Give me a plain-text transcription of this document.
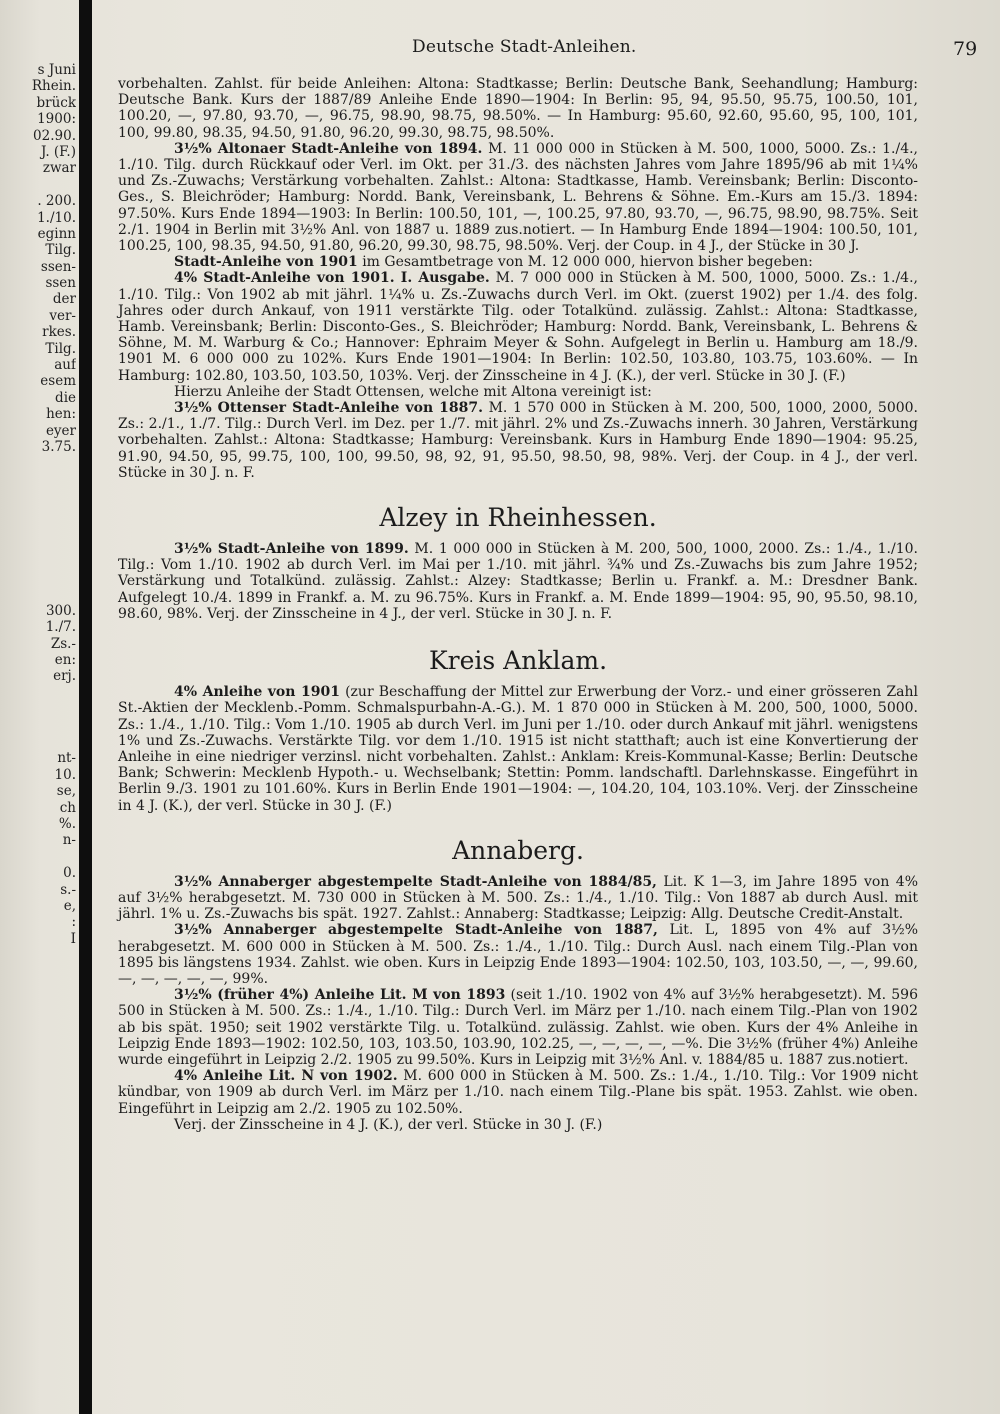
s Juni
Rhein.
brück
1900:
02.90.
J. (F.)
zwar
. 200.
1./10.
eginn
Tilg.
ssen-
ssen
der
ver-
rkes.
Tilg.
auf
esem
die
hen:
eyer
3.75.
300.
1./7.
Zs.-
en:
erj.
nt-
10.
se,
ch
%.
n-
0.
s.-
e,
:
I
Deutsche Stadt-Anleihen.	79

vorbehalten. Zahlst. für beide Anleihen: Altona: Stadtkasse; Berlin: Deutsche Bank, Seehandlung; Hamburg: Deutsche Bank. Kurs der 1887/89 Anleihe Ende 1890—1904: In Berlin: 95, 94, 95.50, 95.75, 100.50, 101, 100.20, —, 97.80, 93.70, —, 96.75, 98.90, 98.75, 98.50%. — In Hamburg: 95.60, 92.60, 95.60, 95, 100, 101, 100, 99.80, 98.35, 94.50, 91.80, 96.20, 99.30, 98.75, 98.50%.

3½% Altonaer Stadt-Anleihe von 1894. M. 11 000 000 in Stücken à M. 500, 1000, 5000. Zs.: 1./4., 1./10. Tilg. durch Rückkauf oder Verl. im Okt. per 31./3. des nächsten Jahres vom Jahre 1895/96 ab mit 1¼% und Zs.-Zuwachs; Verstärkung vorbehalten. Zahlst.: Altona: Stadtkasse, Hamb. Vereinsbank; Berlin: Disconto-Ges., S. Bleichröder; Hamburg: Nordd. Bank, Vereinsbank, L. Behrens & Söhne. Em.-Kurs am 15./3. 1894: 97.50%. Kurs Ende 1894—1903: In Berlin: 100.50, 101, —, 100.25, 97.80, 93.70, —, 96.75, 98.90, 98.75%. Seit 2./1. 1904 in Berlin mit 3½% Anl. von 1887 u. 1889 zus.notiert. — In Hamburg Ende 1894—1904: 100.50, 101, 100.25, 100, 98.35, 94.50, 91.80, 96.20, 99.30, 98.75, 98.50%. Verj. der Coup. in 4 J., der Stücke in 30 J.

Stadt-Anleihe von 1901 im Gesamtbetrage von M. 12 000 000, hiervon bisher begeben:

4% Stadt-Anleihe von 1901. I. Ausgabe. M. 7 000 000 in Stücken à M. 500, 1000, 5000. Zs.: 1./4., 1./10. Tilg.: Von 1902 ab mit jährl. 1¼% u. Zs.-Zuwachs durch Verl. im Okt. (zuerst 1902) per 1./4. des folg. Jahres oder durch Ankauf, von 1911 verstärkte Tilg. oder Totalkünd. zulässig. Zahlst.: Altona: Stadtkasse, Hamb. Vereinsbank; Berlin: Disconto-Ges., S. Bleichröder; Hamburg: Nordd. Bank, Vereinsbank, L. Behrens & Söhne, M. M. Warburg & Co.; Hannover: Ephraim Meyer & Sohn. Aufgelegt in Berlin u. Hamburg am 18./9. 1901 M. 6 000 000 zu 102%. Kurs Ende 1901—1904: In Berlin: 102.50, 103.80, 103.75, 103.60%. — In Hamburg: 102.80, 103.50, 103.50, 103%. Verj. der Zinsscheine in 4 J. (K.), der verl. Stücke in 30 J. (F.)

Hierzu Anleihe der Stadt Ottensen, welche mit Altona vereinigt ist:

3½% Ottenser Stadt-Anleihe von 1887. M. 1 570 000 in Stücken à M. 200, 500, 1000, 2000, 5000. Zs.: 2./1., 1./7. Tilg.: Durch Verl. im Dez. per 1./7. mit jährl. 2% und Zs.-Zuwachs innerh. 30 Jahren, Verstärkung vorbehalten. Zahlst.: Altona: Stadtkasse; Hamburg: Vereinsbank. Kurs in Hamburg Ende 1890—1904: 95.25, 91.90, 94.50, 95, 99.75, 100, 100, 99.50, 98, 92, 91, 95.50, 98.50, 98, 98%. Verj. der Coup. in 4 J., der verl. Stücke in 30 J. n. F.

Alzey in Rheinhessen.

3½% Stadt-Anleihe von 1899. M. 1 000 000 in Stücken à M. 200, 500, 1000, 2000. Zs.: 1./4., 1./10. Tilg.: Vom 1./10. 1902 ab durch Verl. im Mai per 1./10. mit jährl. ¾% und Zs.-Zuwachs bis zum Jahre 1952; Verstärkung und Totalkünd. zulässig. Zahlst.: Alzey: Stadtkasse; Berlin u. Frankf. a. M.: Dresdner Bank. Aufgelegt 10./4. 1899 in Frankf. a. M. zu 96.75%. Kurs in Frankf. a. M. Ende 1899—1904: 95, 90, 95.50, 98.10, 98.60, 98%. Verj. der Zinsscheine in 4 J., der verl. Stücke in 30 J. n. F.

Kreis Anklam.

4% Anleihe von 1901 (zur Beschaffung der Mittel zur Erwerbung der Vorz.- und einer grösseren Zahl St.-Aktien der Mecklenb.-Pomm. Schmalspurbahn-A.-G.). M. 1 870 000 in Stücken à M. 200, 500, 1000, 5000. Zs.: 1./4., 1./10. Tilg.: Vom 1./10. 1905 ab durch Verl. im Juni per 1./10. oder durch Ankauf mit jährl. wenigstens 1% und Zs.-Zuwachs. Verstärkte Tilg. vor dem 1./10. 1915 ist nicht statthaft; auch ist eine Konvertierung der Anleihe in eine niedriger verzinsl. nicht vorbehalten. Zahlst.: Anklam: Kreis-Kommunal-Kasse; Berlin: Deutsche Bank; Schwerin: Mecklenb Hypoth.- u. Wechselbank; Stettin: Pomm. landschaftl. Darlehnskasse. Eingeführt in Berlin 9./3. 1901 zu 101.60%. Kurs in Berlin Ende 1901—1904: —, 104.20, 104, 103.10%. Verj. der Zinsscheine in 4 J. (K.), der verl. Stücke in 30 J. (F.)

Annaberg.

3½% Annaberger abgestempelte Stadt-Anleihe von 1884/85, Lit. K 1—3, im Jahre 1895 von 4% auf 3½% herabgesetzt. M. 730 000 in Stücken à M. 500. Zs.: 1./4., 1./10. Tilg.: Von 1887 ab durch Ausl. mit jährl. 1% u. Zs.-Zuwachs bis spät. 1927. Zahlst.: Annaberg: Stadtkasse; Leipzig: Allg. Deutsche Credit-Anstalt.

3½% Annaberger abgestempelte Stadt-Anleihe von 1887, Lit. L, 1895 von 4% auf 3½% herabgesetzt. M. 600 000 in Stücken à M. 500. Zs.: 1./4., 1./10. Tilg.: Durch Ausl. nach einem Tilg.-Plan von 1895 bis längstens 1934. Zahlst. wie oben. Kurs in Leipzig Ende 1893—1904: 102.50, 103, 103.50, —, —, 99.60, —, —, —, —, —, 99%.

3½% (früher 4%) Anleihe Lit. M von 1893 (seit 1./10. 1902 von 4% auf 3½% herabgesetzt). M. 596 500 in Stücken à M. 500. Zs.: 1./4., 1./10. Tilg.: Durch Verl. im März per 1./10. nach einem Tilg.-Plan von 1902 ab bis spät. 1950; seit 1902 verstärkte Tilg. u. Totalkünd. zulässig. Zahlst. wie oben. Kurs der 4% Anleihe in Leipzig Ende 1893—1902: 102.50, 103, 103.50, 103.90, 102.25, —, —, —, —, —%. Die 3½% (früher 4%) Anleihe wurde eingeführt in Leipzig 2./2. 1905 zu 99.50%. Kurs in Leipzig mit 3½% Anl. v. 1884/85 u. 1887 zus.notiert.

4% Anleihe Lit. N von 1902. M. 600 000 in Stücken à M. 500. Zs.: 1./4., 1./10. Tilg.: Vor 1909 nicht kündbar, von 1909 ab durch Verl. im März per 1./10. nach einem Tilg.-Plane bis spät. 1953. Zahlst. wie oben. Eingeführt in Leipzig am 2./2. 1905 zu 102.50%.

Verj. der Zinsscheine in 4 J. (K.), der verl. Stücke in 30 J. (F.)
